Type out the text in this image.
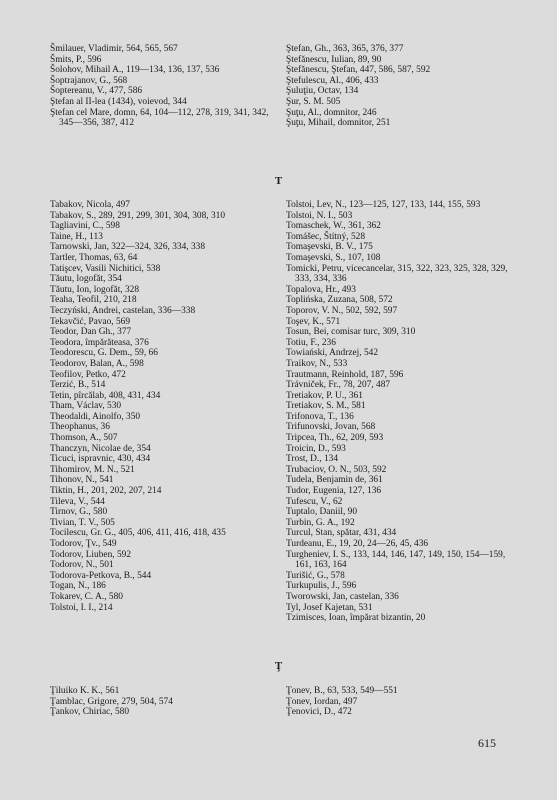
Šmilauer, Vladimir, 564, 565, 567
Šmits, P., 596
Šolohov, Mihail A., 119—134, 136, 137, 536
Šoptrajanov, G., 568
Šoptereanu, V., 477, 586
Ştefan al II-lea (1434), voievod, 344
Ştefan cel Mare, domn, 64, 104—112, 278, 319, 341, 342, 345—356, 387, 412
Ştefan, Gh., 363, 365, 376, 377
Ştefănescu, Iulian, 89, 90
Ştefănescu, Ştefan, 447, 586, 587, 592
Ştefulescu, Al., 406, 433
Şuluţiu, Octav, 134
Şur, S. M. 505
Şuţu, Al., domnitor, 246
Şuţu, Mihail, domnitor, 251
T
Tabakov, Nicola, 497
Tabakov, S., 289, 291, 299, 301, 304, 308, 310
Tagliavini, C., 598
Taine, H., 113
Tarnowski, Jan, 322—324, 326, 334, 338
Tartler, Thomas, 63, 64
Tatişcev, Vasili Nichitici, 538
Tăutu, logofăt, 354
Tăutu, Ion, logofăt, 328
Teaha, Teofil, 210, 218
Teczyński, Andrei, castelan, 336—338
Tekavčić, Pavao, 569
Teodor, Dan Gh., 377
Teodora, împărăteasa, 376
Teodorescu, G. Dem., 59, 66
Teodorov, Balan, A., 598
Teofilov, Petko, 472
Terzić, B., 514
Tetin, pîrcălab, 408, 431, 434
Tham, Václav, 530
Theodaldi, Ainolfo, 350
Theophanus, 36
Thomson, A., 507
Thanczyn, Nicolae de, 354
Ticuci, ispravnic, 430, 434
Tihomirov, M. N., 521
Tihonov, N., 541
Tiktin, H., 201, 202, 207, 214
Tileva, V., 544
Tirnov, G., 580
Tivian, T. V., 505
Tocilescu, Gr. G., 405, 406, 411, 416, 418, 435
Todorov, Ţv., 549
Todorov, Liuben, 592
Todorov, N., 501
Todorova-Petkova, B., 544
Togan, N., 186
Tokarev, C. A., 580
Tolstoi, I. I., 214
Tolstoi, Lev, N., 123—125, 127, 133, 144, 155, 593
Tolstoi, N. I., 503
Tomaschek, W., 361, 362
Tomášec, Štítný, 528
Tomaşevski, B. V., 175
Tomaşevski, S., 107, 108
Tomicki, Petru, vicecancelar, 315, 322, 323, 325, 328, 329, 333, 334, 336
Topalova, Hr., 493
Toplińska, Zuzana, 508, 572
Toporov, V. N., 502, 592, 597
Toşev, K., 571
Tosun, Bei, comisar turc, 309, 310
Totiu, F., 236
Towiański, Andrzej, 542
Traikov, N., 533
Trautmann, Reinhold, 187, 596
Trávniček, Fr., 78, 207, 487
Tretiakov, P. U., 361
Tretiakov, S. M., 581
Trifonova, T., 136
Trifunovski, Jovan, 568
Tripcea, Th., 62, 209, 593
Troicin, D., 593
Trost, D., 134
Trubaciov, O. N., 503, 592
Tudela, Benjamin de, 361
Tudor, Eugenia, 127, 136
Tufescu, V., 62
Tuptalo, Daniil, 90
Turbin, G. A., 192
Turcul, Stan, spătar, 431, 434
Turdeanu, E., 19, 20, 24—26, 45, 436
Turgheniev, I. S., 133, 144, 146, 147, 149, 150, 154—159, 161, 163, 164
Turišić, G., 578
Turkupulis, J., 596
Tworowski, Jan, castelan, 336
Tyl, Josef Kajetan, 531
Tzimisces, Ioan, împărat bizantin, 20
Ţ
Ţiluiko K. K., 561
Ţamblac, Grigore, 279, 504, 574
Ţankov, Chiriac, 580
Ţonev, B., 63, 533, 549—551
Ţonev, Iordan, 497
Ţenovici, D., 472
615
